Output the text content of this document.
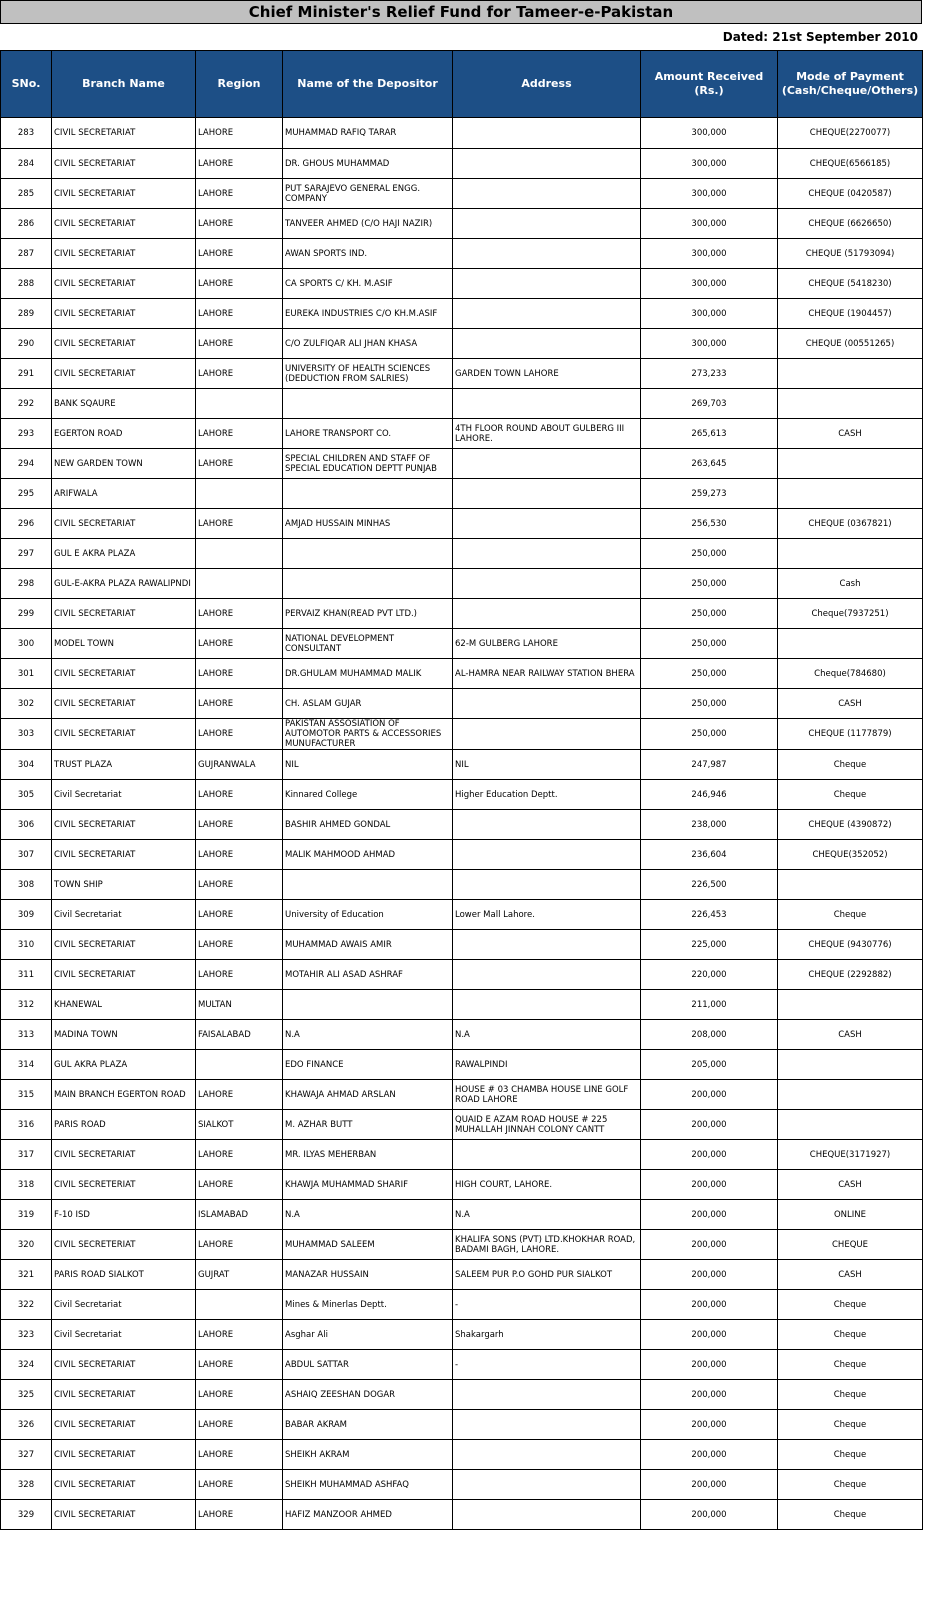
Chief Minister's Relief Fund for Tameer-e-Pakistan
Dated: 21st September 2010
SNo.	Branch Name	Region	Name of the Depositor	Address	Amount Received (Rs.)	Mode of Payment (Cash/Cheque/Others)
283	CIVIL SECRETARIAT	LAHORE	MUHAMMAD RAFIQ TARAR		300,000	CHEQUE(2270077)
284	CIVIL SECRETARIAT	LAHORE	DR. GHOUS MUHAMMAD		300,000	CHEQUE(6566185)
285	CIVIL SECRETARIAT	LAHORE	PUT SARAJEVO GENERAL ENGG. COMPANY		300,000	CHEQUE (0420587)
286	CIVIL SECRETARIAT	LAHORE	TANVEER AHMED (C/O HAJI NAZIR)		300,000	CHEQUE (6626650)
287	CIVIL SECRETARIAT	LAHORE	AWAN SPORTS IND.		300,000	CHEQUE (51793094)
288	CIVIL SECRETARIAT	LAHORE	CA SPORTS C/ KH. M.ASIF		300,000	CHEQUE (5418230)
289	CIVIL SECRETARIAT	LAHORE	EUREKA INDUSTRIES C/O KH.M.ASIF		300,000	CHEQUE (1904457)
290	CIVIL SECRETARIAT	LAHORE	C/O ZULFIQAR ALI JHAN KHASA		300,000	CHEQUE (00551265)
291	CIVIL SECRETARIAT	LAHORE	UNIVERSITY OF HEALTH SCIENCES (DEDUCTION FROM SALRIES)	GARDEN TOWN LAHORE	273,233	
292	BANK SQAURE				269,703	
293	EGERTON ROAD	LAHORE	LAHORE TRANSPORT CO.	4TH FLOOR ROUND ABOUT GULBERG III LAHORE.	265,613	CASH
294	NEW GARDEN TOWN	LAHORE	SPECIAL CHILDREN AND STAFF OF SPECIAL EDUCATION DEPTT PUNJAB		263,645	
295	ARIFWALA				259,273	
296	CIVIL SECRETARIAT	LAHORE	AMJAD HUSSAIN MINHAS		256,530	CHEQUE (0367821)
297	GUL E AKRA PLAZA				250,000	
298	GUL-E-AKRA PLAZA RAWALIPNDI				250,000	Cash
299	CIVIL SECRETARIAT	LAHORE	PERVAIZ KHAN(READ PVT LTD.)		250,000	Cheque(7937251)
300	MODEL TOWN	LAHORE	NATIONAL DEVELOPMENT CONSULTANT	62-M GULBERG LAHORE	250,000	
301	CIVIL SECRETARIAT	LAHORE	DR.GHULAM MUHAMMAD MALIK	AL-HAMRA NEAR RAILWAY STATION BHERA	250,000	Cheque(784680)
302	CIVIL SECRETARIAT	LAHORE	CH. ASLAM GUJAR		250,000	CASH
303	CIVIL SECRETARIAT	LAHORE	PAKISTAN ASSOSIATION OF AUTOMOTOR PARTS & ACCESSORIES MUNUFACTURER		250,000	CHEQUE (1177879)
304	TRUST PLAZA	GUJRANWALA	NIL	NIL	247,987	Cheque
305	Civil Secretariat	LAHORE	Kinnared College	Higher Education Deptt.	246,946	Cheque
306	CIVIL SECRETARIAT	LAHORE	BASHIR AHMED GONDAL		238,000	CHEQUE (4390872)
307	CIVIL SECRETARIAT	LAHORE	MALIK MAHMOOD AHMAD		236,604	CHEQUE(352052)
308	TOWN SHIP	LAHORE			226,500	
309	Civil Secretariat	LAHORE	University of Education	Lower Mall Lahore.	226,453	Cheque
310	CIVIL SECRETARIAT	LAHORE	MUHAMMAD AWAIS AMIR		225,000	CHEQUE (9430776)
311	CIVIL SECRETARIAT	LAHORE	MOTAHIR ALI ASAD ASHRAF		220,000	CHEQUE (2292882)
312	KHANEWAL	MULTAN			211,000	
313	MADINA TOWN	FAISALABAD	N.A	N.A	208,000	CASH
314	GUL AKRA PLAZA		EDO FINANCE	RAWALPINDI	205,000	
315	MAIN BRANCH EGERTON ROAD	LAHORE	KHAWAJA AHMAD ARSLAN	HOUSE # 03 CHAMBA HOUSE LINE GOLF ROAD LAHORE	200,000	
316	PARIS ROAD	SIALKOT	M. AZHAR BUTT	QUAID E AZAM ROAD HOUSE # 225 MUHALLAH JINNAH COLONY CANTT	200,000	
317	CIVIL SECRETARIAT	LAHORE	MR. ILYAS MEHERBAN		200,000	CHEQUE(3171927)
318	CIVIL SECRETERIAT	LAHORE	KHAWJA MUHAMMAD SHARIF	HIGH COURT, LAHORE.	200,000	CASH
319	F-10 ISD	ISLAMABAD	N.A	N.A	200,000	ONLINE
320	CIVIL SECRETERIAT	LAHORE	MUHAMMAD SALEEM	KHALIFA SONS (PVT) LTD.KHOKHAR ROAD, BADAMI BAGH, LAHORE.	200,000	CHEQUE
321	PARIS ROAD SIALKOT	GUJRAT	MANAZAR HUSSAIN	SALEEM PUR P.O GOHD PUR SIALKOT	200,000	CASH
322	Civil Secretariat		Mines & Minerlas Deptt.	-	200,000	Cheque
323	Civil Secretariat	LAHORE	Asghar Ali	Shakargarh	200,000	Cheque
324	CIVIL SECRETARIAT	LAHORE	ABDUL SATTAR	-	200,000	Cheque
325	CIVIL SECRETARIAT	LAHORE	ASHAIQ ZEESHAN DOGAR		200,000	Cheque
326	CIVIL SECRETARIAT	LAHORE	BABAR AKRAM		200,000	Cheque
327	CIVIL SECRETARIAT	LAHORE	SHEIKH AKRAM		200,000	Cheque
328	CIVIL SECRETARIAT	LAHORE	SHEIKH MUHAMMAD ASHFAQ		200,000	Cheque
329	CIVIL SECRETARIAT	LAHORE	HAFIZ MANZOOR AHMED		200,000	Cheque
